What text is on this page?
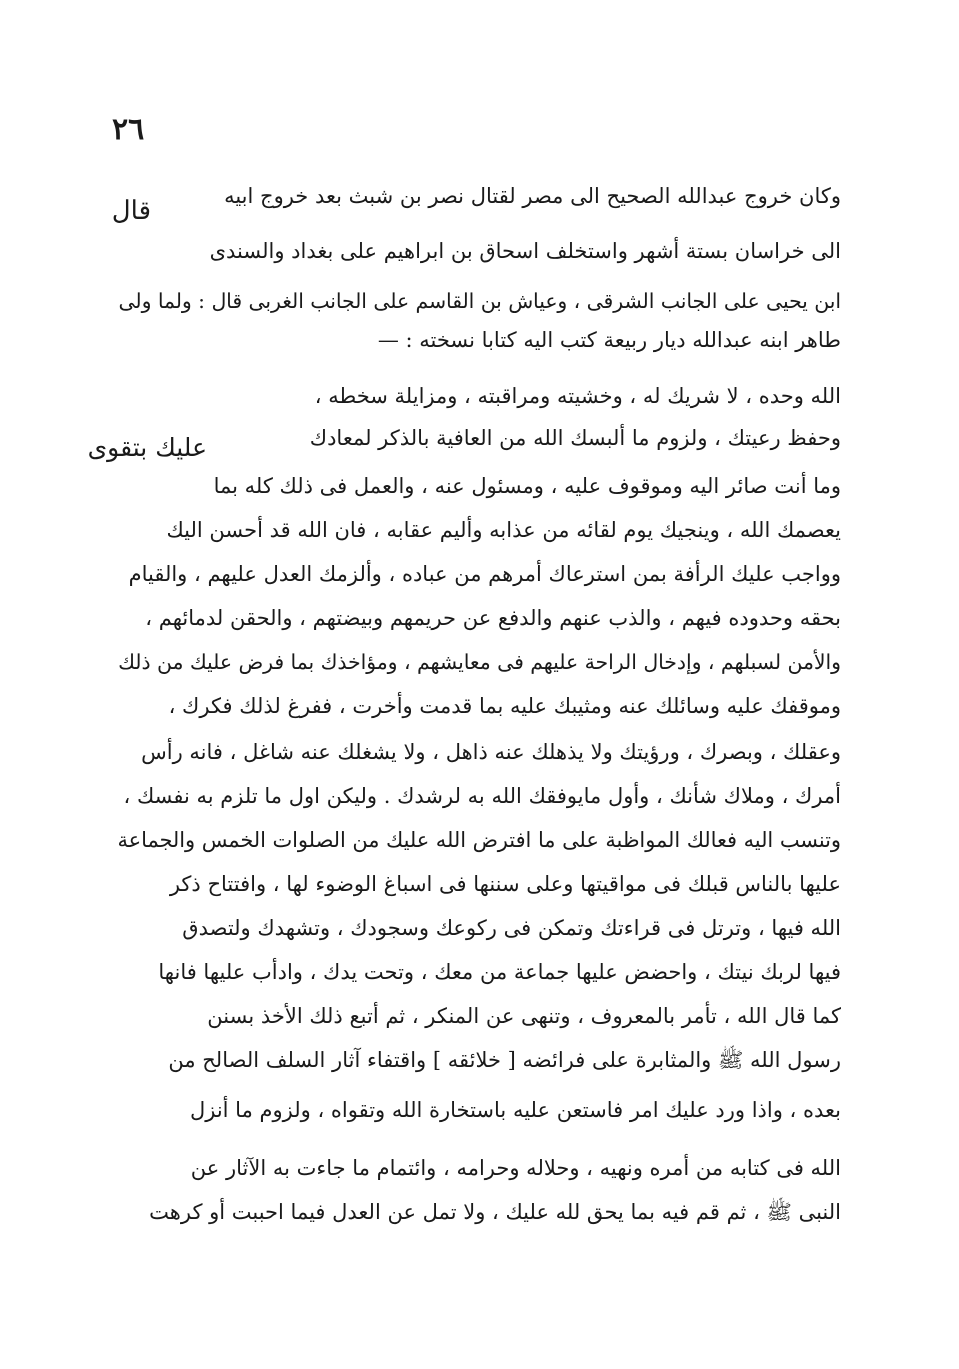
٢٦
قال	وكان خروج عبدالله الصحيح الى مصر لقتال نصر بن شبث بعد خروج ابيه
الى خراسان بستة أشهر واستخلف اسحاق بن ابراهيم على بغداد والسندى
ابن يحيى على الجانب الشرقى ، وعياش بن القاسم على الجانب الغربى قال : ولما ولى
طاهر ابنه عبدالله ديار ربيعة كتب اليه كتابا نسخته : —
عليك بتقوى
الله وحده ، لا شريك له ، وخشيته ومراقبته ، ومزايلة سخطه ،
وحفظ رعيتك ، ولزوم ما ألبسك الله من العافية بالذكر لمعادك
وما أنت صائر اليه وموقوف عليه ، ومسئول عنه ، والعمل فى ذلك كله بما
يعصمك الله ، وينجيك يوم لقائه من عذابه وأليم عقابه ، فان الله قد أحسن اليك
وواجب عليك الرأفة بمن استرعاك أمرهم من عباده ، وألزمك العدل عليهم ، والقيام
بحقه وحدوده فيهم ، والذب عنهم والدفع عن حريمهم وبيضتهم ، والحقن لدمائهم ،
والأمن لسبلهم ، وإدخال الراحة عليهم فى معايشهم ، ومؤاخذك بما فرض عليك من ذلك
وموقفك عليه وسائلك عنه ومثيبك عليه بما قدمت وأخرت ، ففرغ لذلك فكرك ،
وعقلك ، وبصرك ، ورؤيتك ولا يذهلك عنه ذاهل ، ولا يشغلك عنه شاغل ، فانه رأس
أمرك ، وملاك شأنك ، وأول مايوفقك الله به لرشدك . وليكن اول ما تلزم به نفسك ،
وتنسب اليه فعالك المواظبة على ما افترض الله عليك من الصلوات الخمس والجماعة
عليها بالناس قبلك فى مواقيتها وعلى سننها فى اسباغ الوضوء لها ، وافتتاح ذكر
الله فيها ، وترتل فى قراءتك وتمكن فى ركوعك وسجودك ، وتشهدك ولتصدق
فيها لربك نيتك ، واحضض عليها جماعة من معك ، وتحت يدك ، وادأب عليها فانها
كما قال الله ، تأمر بالمعروف ، وتنهى عن المنكر ، ثم أتبع ذلك الأخذ بسنن
رسول الله ﷺ والمثابرة على فرائضه [ خلائقه ] واقتفاء آثار السلف الصالح من
بعده ، واذا ورد عليك امر فاستعن عليه باستخارة الله وتقواه ، ولزوم ما أنزل
الله فى كتابه من أمره ونهيه ، وحلاله وحرامه ، وائتمام ما جاءت به الآثار عن
النبى ﷺ ، ثم قم فيه بما يحق لله عليك ، ولا تمل عن العدل فيما احببت أو كرهت
